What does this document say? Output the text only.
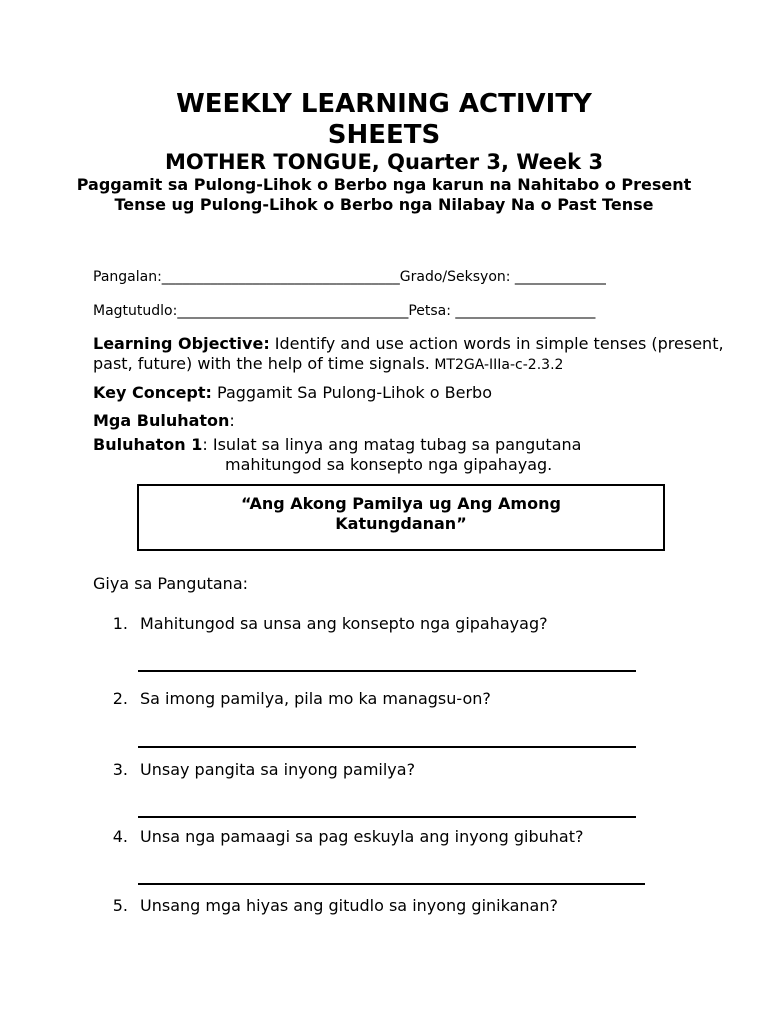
WEEKLY LEARNING ACTIVITY
SHEETS
MOTHER TONGUE, Quarter 3, Week 3
Paggamit sa Pulong-Lihok o Berbo nga karun na Nahitabo o Present Tense ug Pulong-Lihok o Berbo nga Nilabay Na o Past Tense
Pangalan:__________________________________Grado/Seksyon: _____________
Magtutudlo:_________________________________Petsa: ____________________
Learning Objective: Identify and use action words in simple tenses (present, past, future) with the help of time signals. MT2GA-IIIa-c-2.3.2
Key Concept: Paggamit Sa Pulong-Lihok o Berbo
Mga Buluhaton:
Buluhaton 1: Isulat sa linya ang matag tubag sa pangutana
mahitungod sa konsepto nga gipahayag.
“Ang Akong Pamilya ug Ang Among
Katungdanan”
Giya sa Pangutana:
1. Mahitungod sa unsa ang konsepto nga gipahayag?
2. Sa imong pamilya, pila mo ka managsu-on?
3. Unsay pangita sa inyong pamilya?
4. Unsa nga pamaagi sa pag eskuyla ang inyong gibuhat?
5. Unsang mga hiyas ang gitudlo sa inyong ginikanan?
